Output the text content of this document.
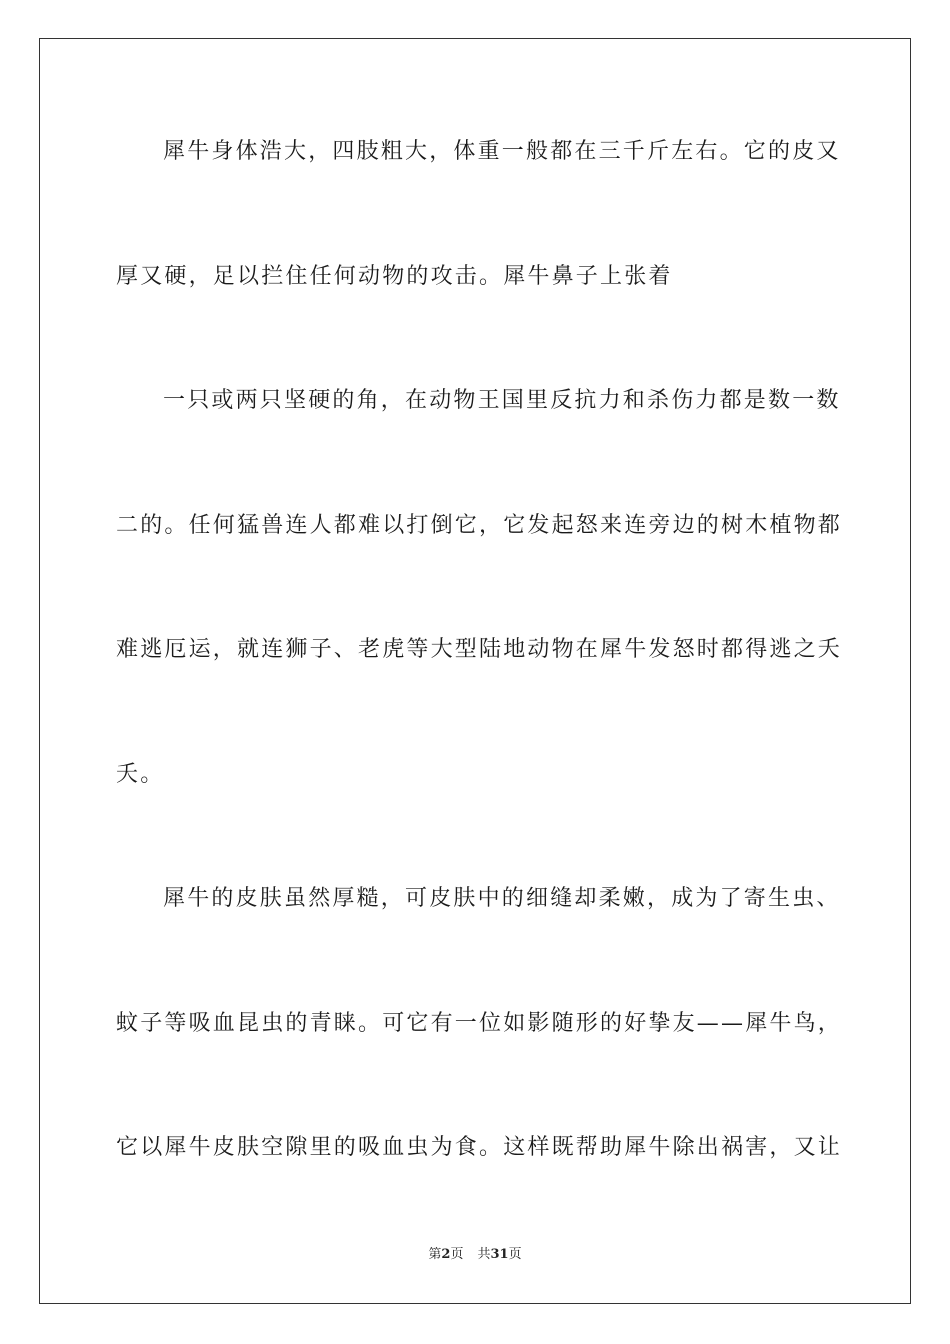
犀牛身体浩大，四肢粗大，体重一般都在三千斤左右。它的皮又
厚又硬，足以拦住任何动物的攻击。犀牛鼻子上张着
一只或两只坚硬的角，在动物王国里反抗力和杀伤力都是数一数
二的。任何猛兽连人都难以打倒它，它发起怒来连旁边的树木植物都
难逃厄运，就连狮子、老虎等大型陆地动物在犀牛发怒时都得逃之夭
夭。
犀牛的皮肤虽然厚糙，可皮肤中的细缝却柔嫩，成为了寄生虫、
蚊子等吸血昆虫的青睐。可它有一位如影随形的好挚友——犀牛鸟，
它以犀牛皮肤空隙里的吸血虫为食。这样既帮助犀牛除出祸害，又让
第2页 共31页
